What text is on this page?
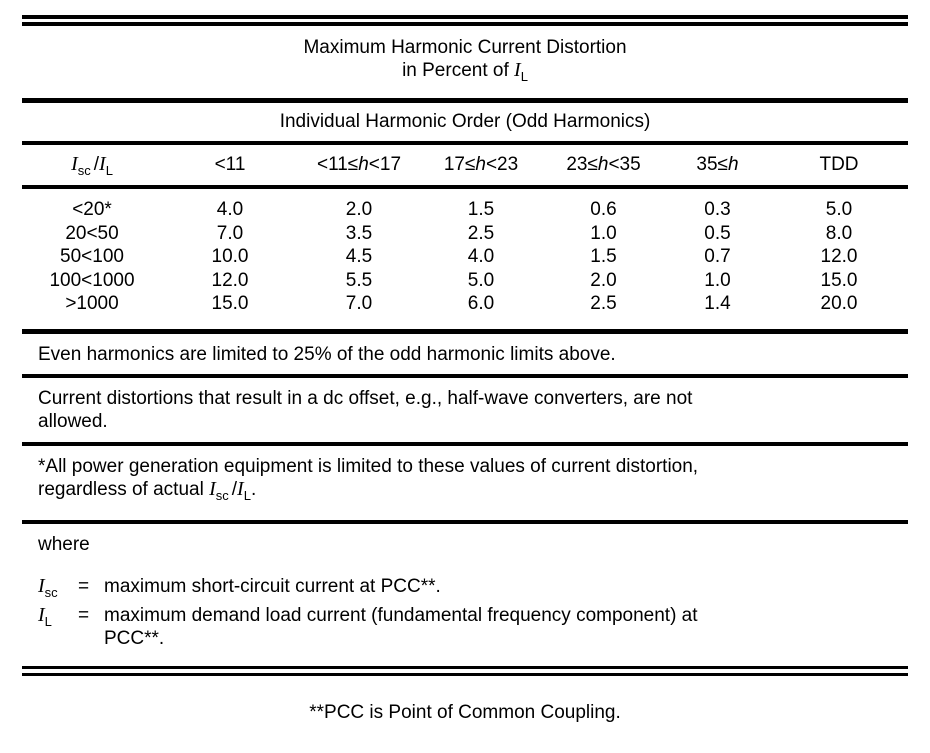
Maximum Harmonic Current Distortion
in Percent of $I_L$
Individual Harmonic Order (Odd Harmonics)
$I_{sc}$ $/I_L$	<11	<11≤h<17	17≤h<23	23≤h<35	35≤h	TDD
<20*	4.0	2.0	1.5	0.6	0.3	5.0
20<50	7.0	3.5	2.5	1.0	0.5	8.0
50<100	10.0	4.5	4.0	1.5	0.7	12.0
100<1000	12.0	5.5	5.0	2.0	1.0	15.0
>1000	15.0	7.0	6.0	2.5	1.4	20.0
Even harmonics are limited to 25% of the odd harmonic limits above.
Current distortions that result in a dc offset, e.g., half-wave converters, are not
allowed.
*All power generation equipment is limited to these values of current distortion,
regardless of actual $I_{sc}$ $/I_L$.
where
$I_{sc}$	= maximum short-circuit current at PCC**.
$I_L$	= maximum demand load current (fundamental frequency component) at
PCC**.
**PCC is Point of Common Coupling.
